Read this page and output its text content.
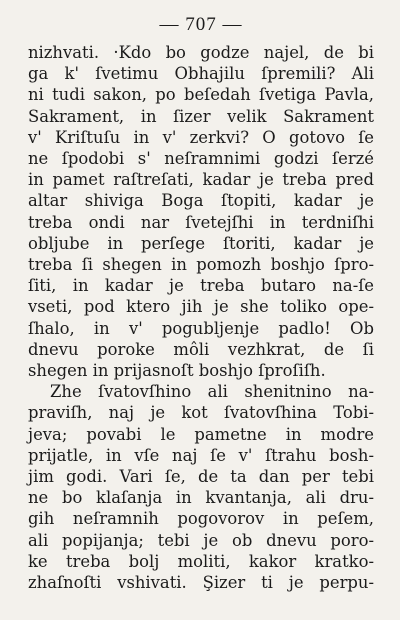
— 707 —
nizhvati. ·Kdo bo godze najel, de bi
ga k' ſvetimu Obhajilu ſpremili? Ali
ni tudi sakon, po beſedah ſvetiga Pavla,
Sakrament, in ſizer velik Sakrament
v' Kriſtuſu in v' zerkvi? O gotovo ſe
ne ſpodobi s' neſramnimi godzi ſerzé
in pamet raſtreſati, kadar je treba pred
altar shiviga Boga ſtopiti, kadar je
treba ondi nar ſvetejſhi in terdniſhi
obljube in perſege ſtoriti, kadar je
treba ſi shegen in pomozh boshjo ſpro-
ſiti, in kadar je treba butaro na-ſe
vseti, pod ktero jih je she toliko ope-
ſhalo, in v' pogubljenje padlo! Ob
dnevu poroke môli vezhkrat, de ſi
shegen in prijasnoſt boshjo ſproſiſh.
Zhe ſvatovſhino ali shenitnino na-
praviſh, naj je kot ſvatovſhina Tobi-
jeva; povabi le pametne in modre
prijatle, in vſe naj ſe v' ſtrahu bosh-
jim godi. Vari ſe, de ta dan per tebi
ne bo klaſanja in kvantanja, ali dru-
gih neſramnih pogovorov in peſem,
ali popijanja; tebi je ob dnevu poro-
ke treba bolj moliti, kakor kratko-
zhaſnoſti vshivati. Şizer ti je perpu-
